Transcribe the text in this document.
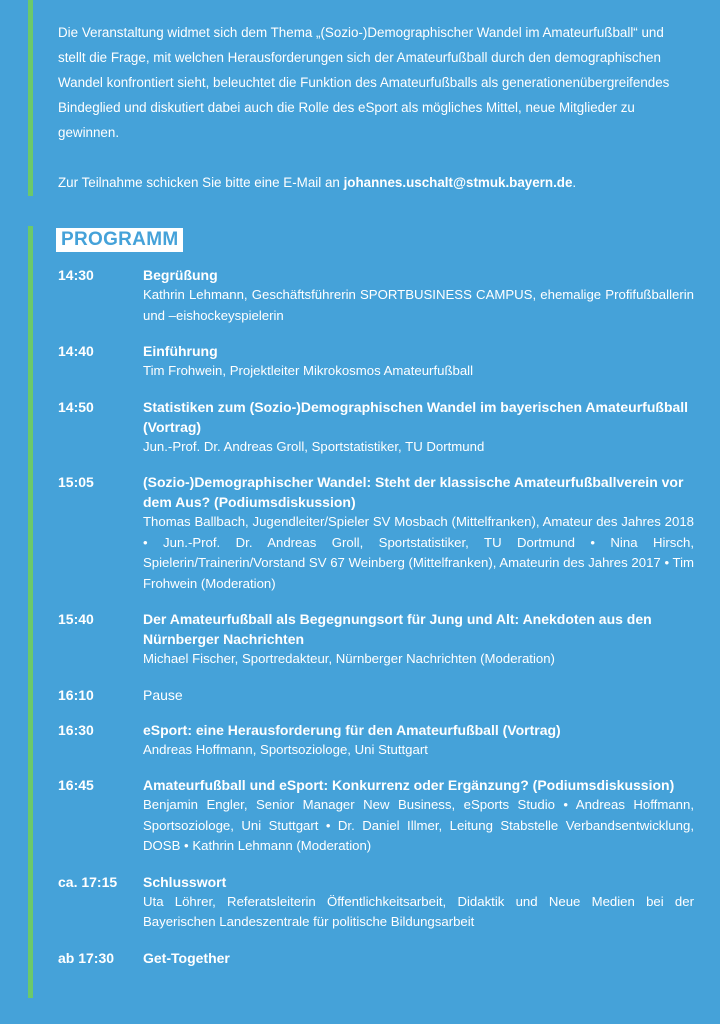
Die Veranstaltung widmet sich dem Thema „(Sozio-)Demographischer Wandel im Amateurfußball“ und stellt die Frage, mit welchen Herausforderungen sich der Amateurfußball durch den demographischen Wandel konfrontiert sieht, beleuchtet die Funktion des Amateurfußballs als generationenübergreifendes Bindeglied und diskutiert dabei auch die Rolle des eSport als mögliches Mittel, neue Mitglieder zu gewinnen.

Zur Teilnahme schicken Sie bitte eine E-Mail an johannes.uschalt@stmuk.bayern.de.

PROGRAMM
14:30	Begrüßung
Kathrin Lehmann, Geschäftsführerin SPORTBUSINESS CAMPUS, ehemalige Profifußballerin und –eishockeyspielerin
14:40	Einführung
Tim Frohwein, Projektleiter Mikrokosmos Amateurfußball
14:50	Statistiken zum (Sozio-)Demographischen Wandel im bayerischen Amateurfußball (Vortrag)
Jun.-Prof. Dr. Andreas Groll, Sportstatistiker, TU Dortmund
15:05	(Sozio-)Demographischer Wandel: Steht der klassische Amateurfußballverein vor dem Aus? (Podiumsdiskussion)
Thomas Ballbach, Jugendleiter/Spieler SV Mosbach (Mittelfranken), Amateur des Jahres 2018 • Jun.-Prof. Dr. Andreas Groll, Sportstatistiker, TU Dortmund • Nina Hirsch, Spielerin/Trainerin/Vorstand SV 67 Weinberg (Mittelfranken), Amateurin des Jahres 2017 • Tim Frohwein (Moderation)
15:40	Der Amateurfußball als Begegnungsort für Jung und Alt: Anekdoten aus den Nürnberger Nachrichten
Michael Fischer, Sportredakteur, Nürnberger Nachrichten (Moderation)
16:10	Pause
16:30	eSport: eine Herausforderung für den Amateurfußball (Vortrag)
Andreas Hoffmann, Sportsoziologe, Uni Stuttgart
16:45	Amateurfußball und eSport: Konkurrenz oder Ergänzung? (Podiumsdiskussion)
Benjamin Engler, Senior Manager New Business, eSports Studio • Andreas Hoffmann, Sportsoziologe, Uni Stuttgart • Dr. Daniel Illmer, Leitung Stabstelle Verbandsentwicklung, DOSB • Kathrin Lehmann (Moderation)
ca. 17:15	Schlusswort
Uta Löhrer, Referatsleiterin Öffentlichkeitsarbeit, Didaktik und Neue Medien bei der Bayerischen Landeszentrale für politische Bildungsarbeit
ab 17:30	Get-Together
